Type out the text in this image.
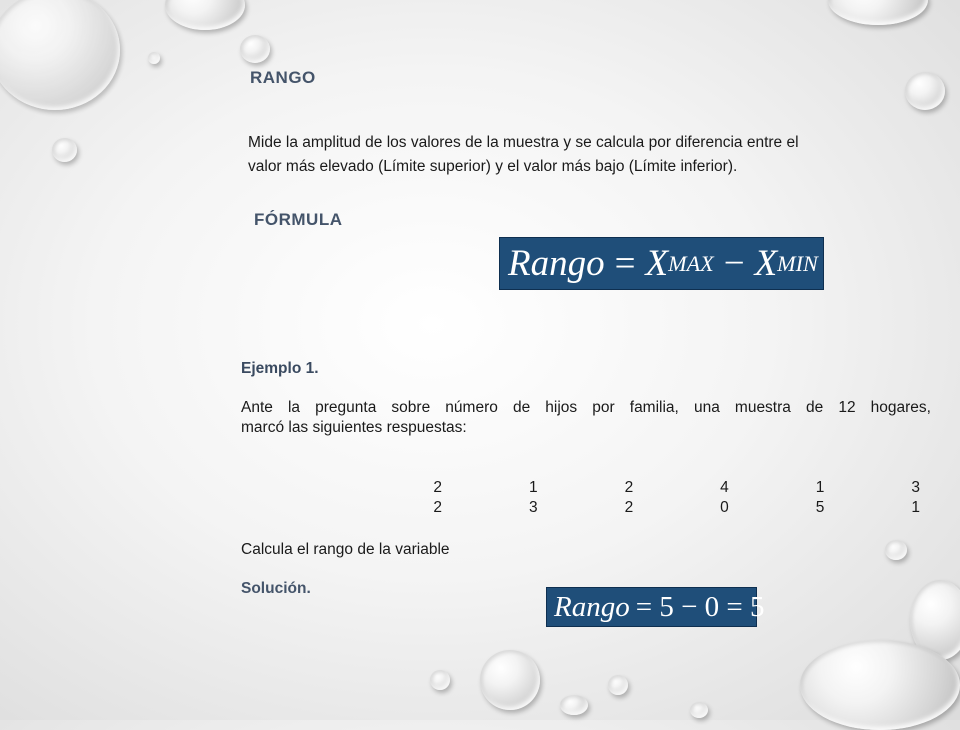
RANGO
Mide la amplitud de los valores de la muestra y se calcula por diferencia entre el
valor más elevado (Límite superior) y el valor más bajo (Límite inferior).
FÓRMULA
Rango = X MAX − X MIN
Ejemplo 1.
Ante la pregunta sobre número de hijos por familia, una muestra de 12 hogares,
marcó las siguientes respuestas:
2	1	2	4	1	3
2	3	2	0	5	1
Calcula el rango de la variable
Solución.
Rango = 5 − 0 = 5
